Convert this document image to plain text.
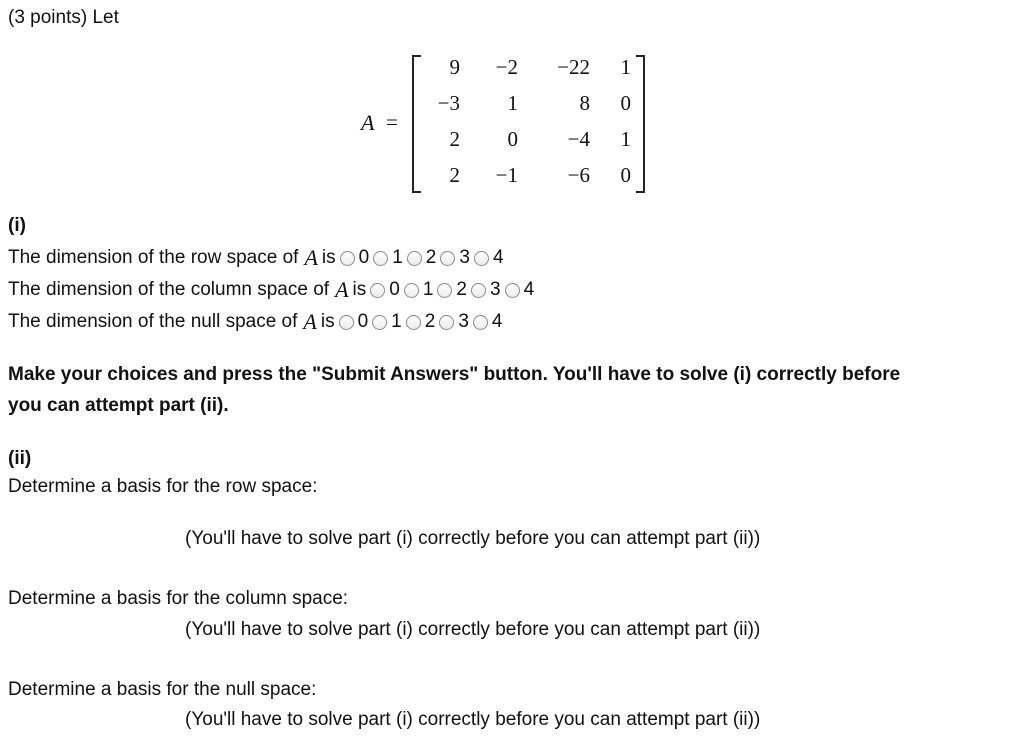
(3 points) Let
A =
9	−2	−22	1
−3	1	8	0
2	0	−4	1
2	−1	−6	0
(i)
The dimension of the row space of A is 0 1 2 3 4
The dimension of the column space of A is 0 1 2 3 4
The dimension of the null space of A is 0 1 2 3 4
Make your choices and press the "Submit Answers" button. You'll have to solve (i) correctly before
you can attempt part (ii).
(ii)
Determine a basis for the row space:
(You'll have to solve part (i) correctly before you can attempt part (ii))
Determine a basis for the column space:
(You'll have to solve part (i) correctly before you can attempt part (ii))
Determine a basis for the null space:
(You'll have to solve part (i) correctly before you can attempt part (ii))
